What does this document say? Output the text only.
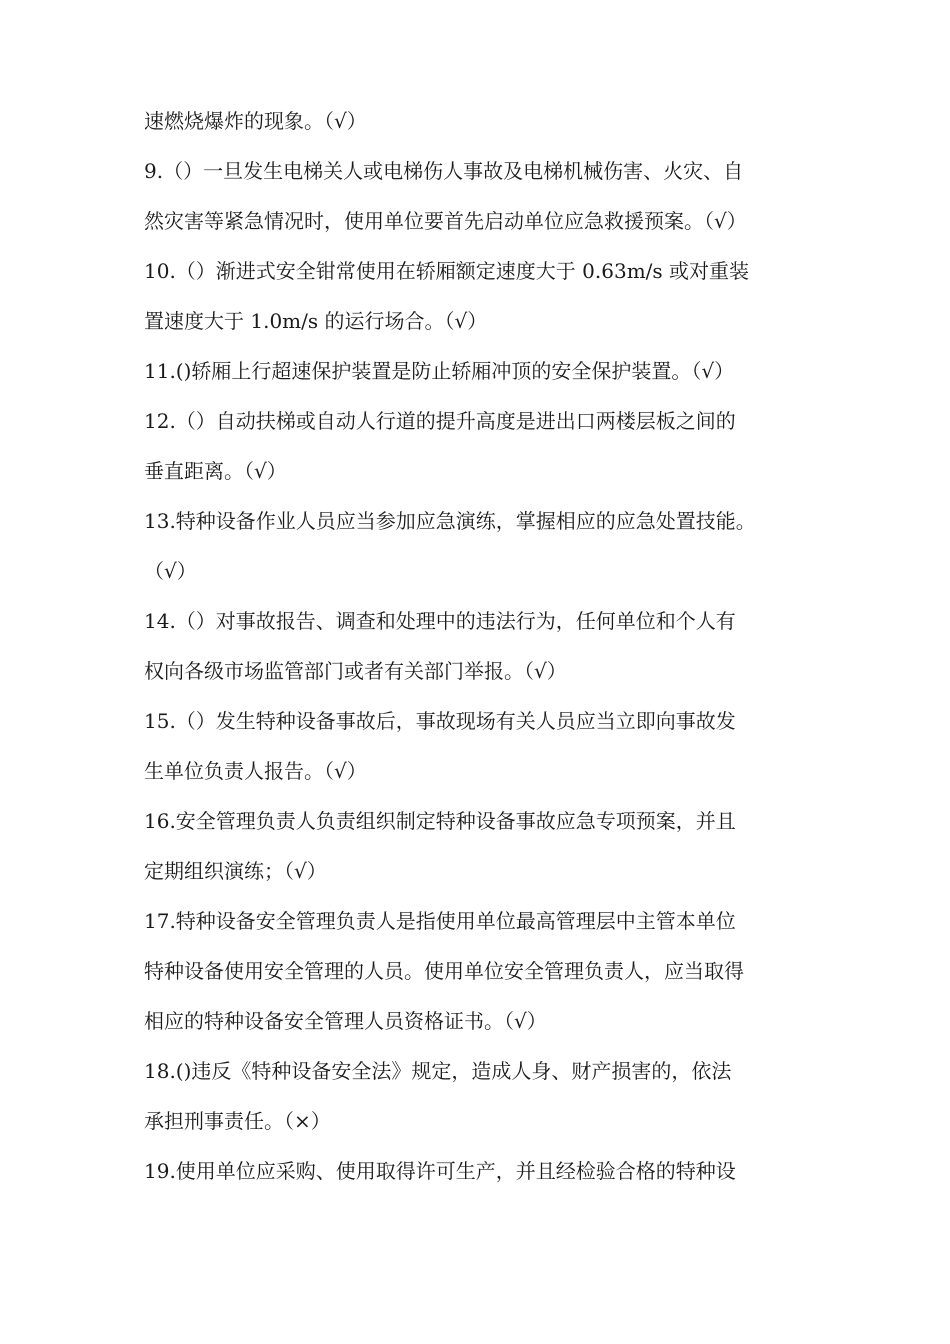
速燃烧爆炸的现象。（√）
9.（）一旦发生电梯关人或电梯伤人事故及电梯机械伤害、火灾、自
然灾害等紧急情况时，使用单位要首先启动单位应急救援预案。（√）
10.（）渐进式安全钳常使用在轿厢额定速度大于 0.63m/s 或对重装
置速度大于 1.0m/s 的运行场合。（√）
11.()轿厢上行超速保护装置是防止轿厢冲顶的安全保护装置。（√）
12.（）自动扶梯或自动人行道的提升高度是进出口两楼层板之间的
垂直距离。（√）
13.特种设备作业人员应当参加应急演练，掌握相应的应急处置技能。
（√）
14.（）对事故报告、调查和处理中的违法行为，任何单位和个人有
权向各级市场监管部门或者有关部门举报。（√）
15.（）发生特种设备事故后，事故现场有关人员应当立即向事故发
生单位负责人报告。（√）
16.安全管理负责人负责组织制定特种设备事故应急专项预案，并且
定期组织演练；（√）
17.特种设备安全管理负责人是指使用单位最高管理层中主管本单位
特种设备使用安全管理的人员。使用单位安全管理负责人，应当取得
相应的特种设备安全管理人员资格证书。（√）
18.()违反《特种设备安全法》规定，造成人身、财产损害的，依法
承担刑事责任。（×）
19.使用单位应采购、使用取得许可生产，并且经检验合格的特种设
